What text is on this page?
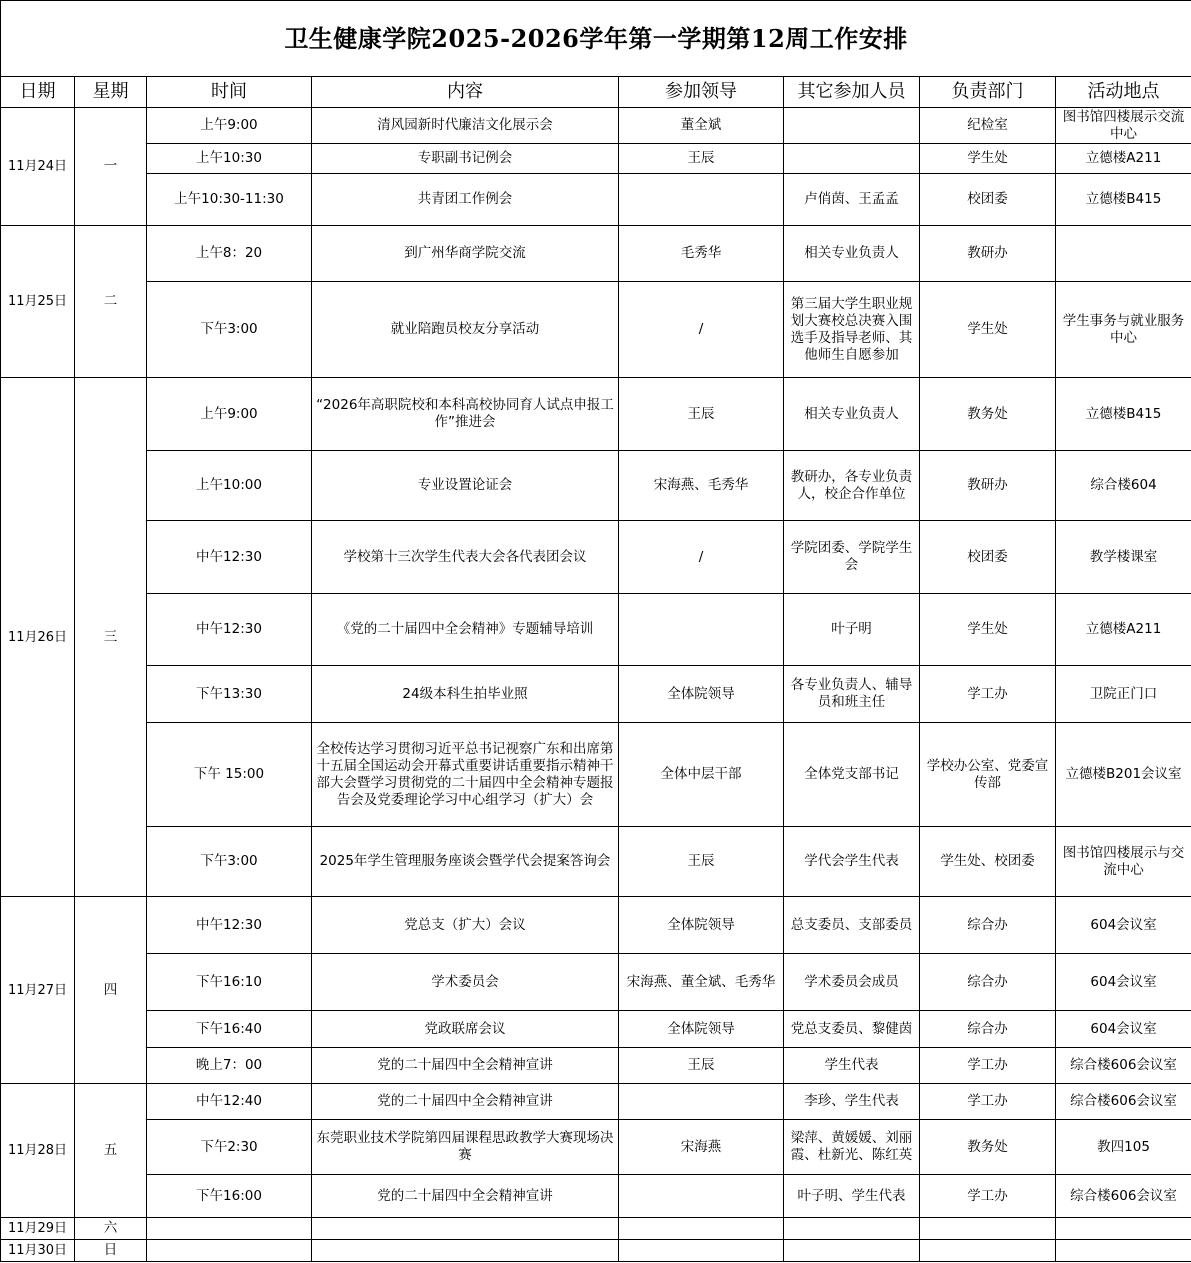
卫生健康学院2025-2026学年第一学期第12周工作安排							
日期	星期	时间	内容	参加领导	其它参加人员	负责部门	活动地点
11月24日	一	上午9:00	清风园新时代廉洁文化展示会	董全斌		纪检室	图书馆四楼展示交流中心
		上午10:30	专职副书记例会	王辰		学生处	立德楼A211
		上午10:30-11:30	共青团工作例会		卢俏茵、王孟孟	校团委	立德楼B415
11月25日	二	上午8：20	到广州华商学院交流	毛秀华	相关专业负责人	教研办	
		下午3:00	就业陪跑员校友分享活动	/	第三届大学生职业规划大赛校总决赛入围选手及指导老师、其他师生自愿参加	学生处	学生事务与就业服务中心
11月26日	三	上午9:00	“2026年高职院校和本科高校协同育人试点申报工作”推进会	王辰	相关专业负责人	教务处	立德楼B415
		上午10:00	专业设置论证会	宋海燕、毛秀华	教研办，各专业负责人，校企合作单位	教研办	综合楼604
		中午12:30	学校第十三次学生代表大会各代表团会议	/	学院团委、学院学生会	校团委	教学楼课室
		中午12:30	《党的二十届四中全会精神》专题辅导培训		叶子明	学生处	立德楼A211
		下午13:30	24级本科生拍毕业照	全体院领导	各专业负责人、辅导员和班主任	学工办	卫院正门口
		下午 15:00	全校传达学习贯彻习近平总书记视察广东和出席第十五届全国运动会开幕式重要讲话重要指示精神干部大会暨学习贯彻党的二十届四中全会精神专题报告会及党委理论学习中心组学习（扩大）会	全体中层干部	全体党支部书记	学校办公室、党委宣传部	立德楼B201会议室
		下午3:00	2025年学生管理服务座谈会暨学代会提案答询会	王辰	学代会学生代表	学生处、校团委	图书馆四楼展示与交流中心
11月27日	四	中午12:30	党总支（扩大）会议	全体院领导	总支委员、支部委员	综合办	604会议室
		下午16:10	学术委员会	宋海燕、董全斌、毛秀华	学术委员会成员	综合办	604会议室
		下午16:40	党政联席会议	全体院领导	党总支委员、黎健茵	综合办	604会议室
		晚上7：00	党的二十届四中全会精神宣讲	王辰	学生代表	学工办	综合楼606会议室
11月28日	五	中午12:40	党的二十届四中全会精神宣讲		李珍、学生代表	学工办	综合楼606会议室
		下午2:30	东莞职业技术学院第四届课程思政教学大赛现场决赛	宋海燕	梁萍、黄媛媛、刘丽霞、杜新光、陈红英	教务处	教四105
		下午16:00	党的二十届四中全会精神宣讲		叶子明、学生代表	学工办	综合楼606会议室
11月29日	六						
11月30日	日						
